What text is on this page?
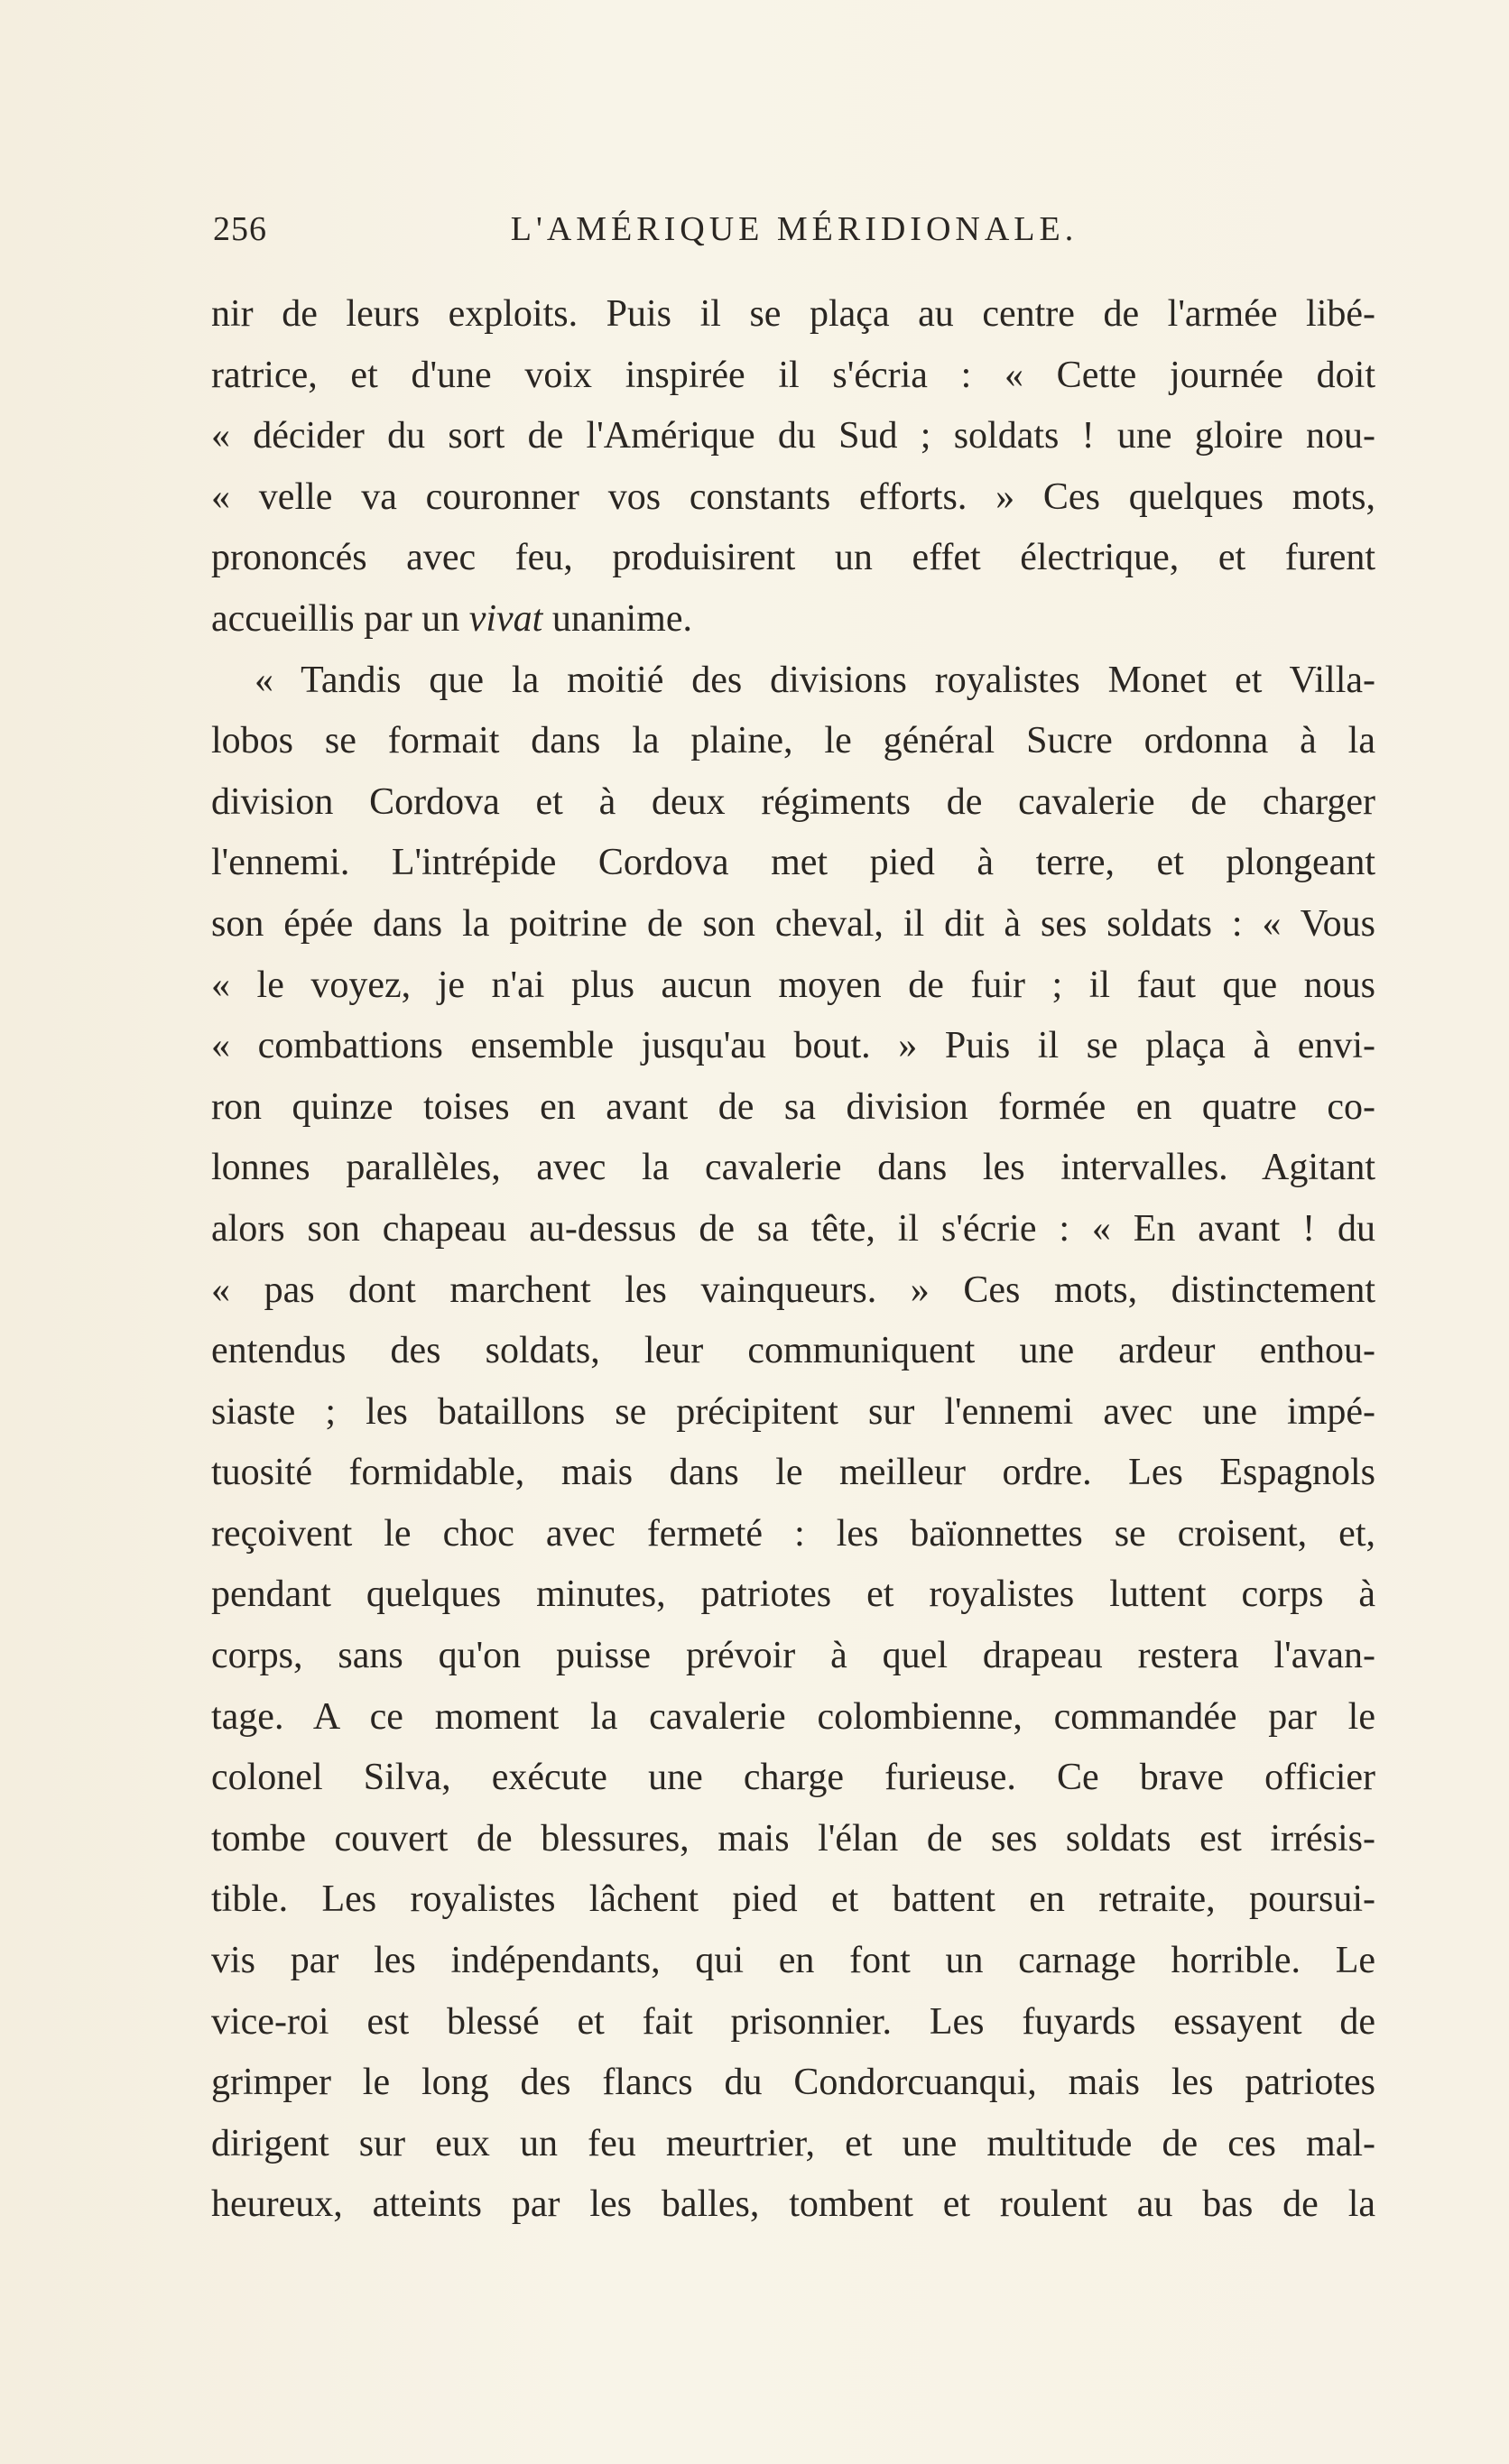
256	L'AMÉRIQUE MÉRIDIONALE.
nir de leurs exploits. Puis il se plaça au centre de l'armée libé-
ratrice, et d'une voix inspirée il s'écria : « Cette journée doit
« décider du sort de l'Amérique du Sud ; soldats ! une gloire nou-
« velle va couronner vos constants efforts. » Ces quelques mots,
prononcés avec feu, produisirent un effet électrique, et furent
accueillis par un vivat unanime.
« Tandis que la moitié des divisions royalistes Monet et Villa-
lobos se formait dans la plaine, le général Sucre ordonna à la
division Cordova et à deux régiments de cavalerie de charger
l'ennemi. L'intrépide Cordova met pied à terre, et plongeant
son épée dans la poitrine de son cheval, il dit à ses soldats : « Vous
« le voyez, je n'ai plus aucun moyen de fuir ; il faut que nous
« combattions ensemble jusqu'au bout. » Puis il se plaça à envi-
ron quinze toises en avant de sa division formée en quatre co-
lonnes parallèles, avec la cavalerie dans les intervalles. Agitant
alors son chapeau au-dessus de sa tête, il s'écrie : « En avant ! du
« pas dont marchent les vainqueurs. » Ces mots, distinctement
entendus des soldats, leur communiquent une ardeur enthou-
siaste ; les bataillons se précipitent sur l'ennemi avec une impé-
tuosité formidable, mais dans le meilleur ordre. Les Espagnols
reçoivent le choc avec fermeté : les baïonnettes se croisent, et,
pendant quelques minutes, patriotes et royalistes luttent corps à
corps, sans qu'on puisse prévoir à quel drapeau restera l'avan-
tage. A ce moment la cavalerie colombienne, commandée par le
colonel Silva, exécute une charge furieuse. Ce brave officier
tombe couvert de blessures, mais l'élan de ses soldats est irrésis-
tible. Les royalistes lâchent pied et battent en retraite, poursui-
vis par les indépendants, qui en font un carnage horrible. Le
vice-roi est blessé et fait prisonnier. Les fuyards essayent de
grimper le long des flancs du Condorcuanqui, mais les patriotes
dirigent sur eux un feu meurtrier, et une multitude de ces mal-
heureux, atteints par les balles, tombent et roulent au bas de la
